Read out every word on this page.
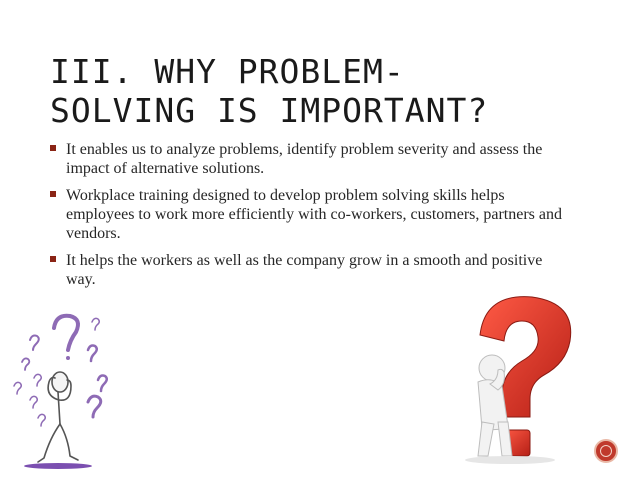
III. WHY PROBLEM-
SOLVING IS IMPORTANT?
It enables us to analyze problems, identify problem severity and assess the impact of alternative solutions.
Workplace training designed to develop problem solving skills helps employees to work more efficiently with co-workers, customers, partners and vendors.
It helps the workers as well as the company grow in a smooth and positive way.
